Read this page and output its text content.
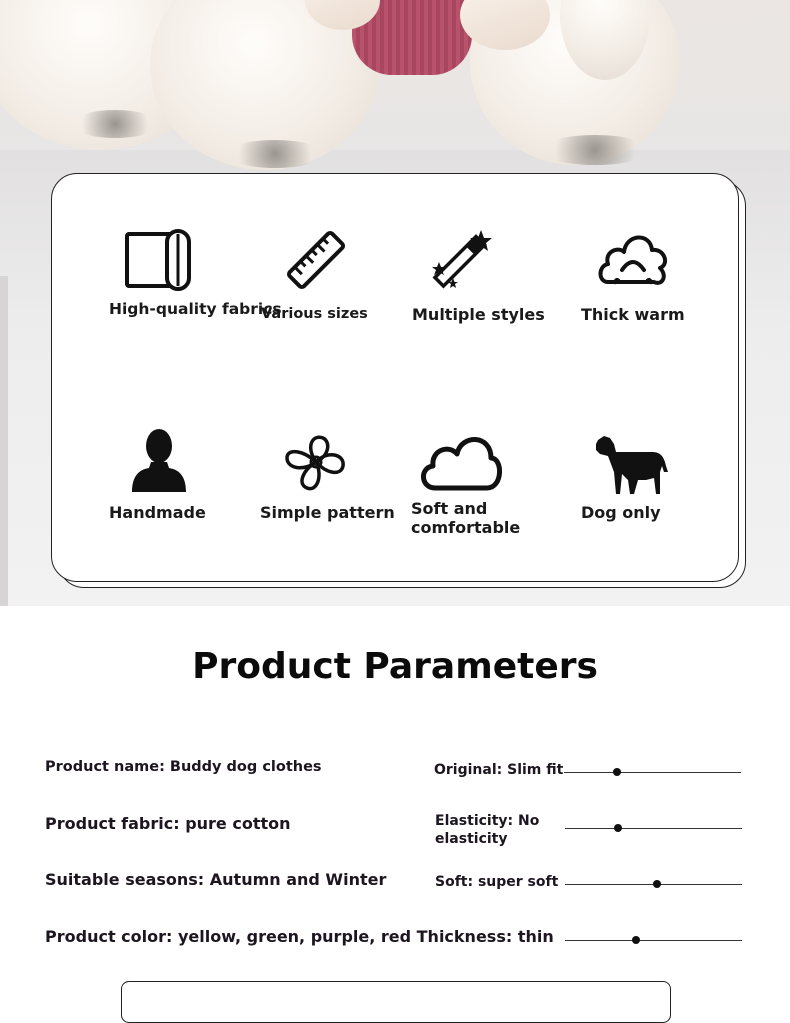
High-quality fabrics
Various sizes	Multiple styles Thick warm
Handmade	Simple pattern Soft and comfortable
Dog only
Product Parameters
Product name: Buddy dog clothes
Product fabric: pure cotton
Suitable seasons: Autumn and Winter
Product color: yellow, green, purple, red Thickness: thin
Original: Slim fit
Elasticity: No elasticity
Soft: super soft
